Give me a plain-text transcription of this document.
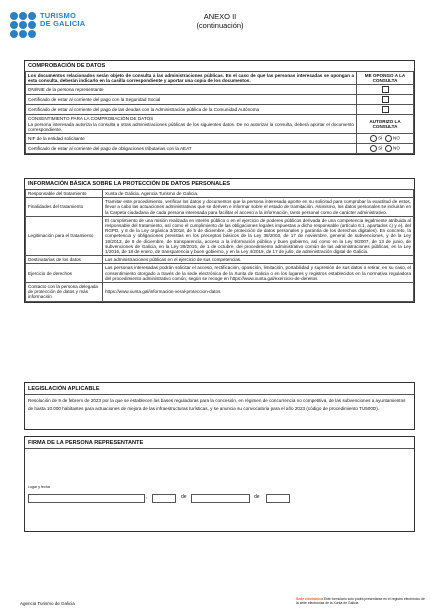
TURISMO
DE GALICIA
ANEXO II
(continuación)
COMPROBACIÓN DE DATOS
Los documentos relacionados serán objeto de consulta a las administraciones públicas. En el caso de que las personas interesadas se opongan a esta consulta, deberán indicarlo en la casilla correspondiente y aportar una copia de los documentos.	ME OPONGO A LA CONSULTA
DNI/NIE de la persona representante	
Certificado de estar al corriente del pago con la Seguridad Social	
Certificado de estar al corriente del pago de las deudas con la Administración pública de la Comunidad Autónoma	

CONSENTIMIENTO PARA LA COMPROBACIÓN DE DATOS
La persona interesada autoriza la consulta a otras administraciones públicas de los siguientes datos. De no autorizar la consulta, deberá aportar el documento correspondiente.	AUTORIZO LA CONSULTA
NIF de la entidad solicitante	SÍ NO
Certificado de estar al corriente del pago de obligaciones tributarias con la AEAT	SÍ NO
INFORMACIÓN BÁSICA SOBRE LA PROTECCIÓN DE DATOS PERSONALES
Responsable del tratamiento	Xunta de Galicia. Agencia Turismo de Galicia.
Finalidades del tratamiento	Tramitar este procedimiento, verificar los datos y documentos que la persona interesada aporte en su solicitud para comprobar la exactitud de estos, llevar a cabo las actuaciones administrativas que se deriven e informar sobre el estado de tramitación. Asimismo, los datos personales se incluirán en la Carpeta ciudadana de cada persona interesada para facilitar el acceso a la información, tanto personal como de carácter administrativo.
Legitimación para el tratamiento	El cumplimiento de una misión realizada en interés público o en el ejercicio de poderes públicos derivada de una competencia legalmente atribuida al responsable del tratamiento, así como el cumplimiento de las obligaciones legales impuestas a dicho responsable (artículo 6.1, apartados c) y e), del RGPD, y 8 de la Ley orgánica 3/2018, de 5 de diciembre, de protección de datos personales y garantía de los derechos digitales). En concreto, la competencia y obligaciones previstas en los preceptos básicos de la Ley 38/2003, de 17 de noviembre, general de subvenciones, y de la Ley 19/2013, de 9 de diciembre, de transparencia, acceso a la información pública y buen gobierno, así como en la Ley 9/2007, de 13 de junio, de subvenciones de Galicia, en la Ley 39/2015, de 1 de octubre, del procedimiento administrativo común de las administraciones públicas, en la Ley 1/2016, de 18 de enero, de transparencia y buen gobierno, y en la Ley 4/2019, de 17 de julio, de administración digital de Galicia.
Destinatarias de los datos	Las administraciones públicas en el ejercicio de sus competencias.
Ejercicio de derechos	Las personas interesadas podrán solicitar el acceso, rectificación, oposición, limitación, portabilidad y supresión de sus datos o retirar, en su caso, el consentimiento otorgado a través de la sede electrónica de la Xunta de Galicia o en los lugares y registros establecidos en la normativa reguladora del procedimiento administrativo común, según se recoge en https://www.xunta.gal/exercicio-de-dereitos
Contacto con la persona delegada de protección de datos y más información	https://www.xunta.gal/informacion-xeral-proteccion-datos
LEGISLACIÓN APLICABLE
Resolución de 9 de febrero de 2023 por la que se establecen las bases reguladoras para la concesión, en régimen de concurrencia no competitiva, de las subvenciones a ayuntamientos de hasta 10.000 habitantes para actuaciones de mejora de las infraestructuras turísticas, y se anuncia su convocatoria para el año 2023 (código de procedimiento TU500D).
FIRMA DE LA PERSONA REPRESENTANTE
Lugar y fecha
,	de	de
Agencia Turismo de Galicia
Sede electrónica Este formulario solo podrá presentarse en el registro electrónico de la sede electrónica de la Xunta de Galicia
